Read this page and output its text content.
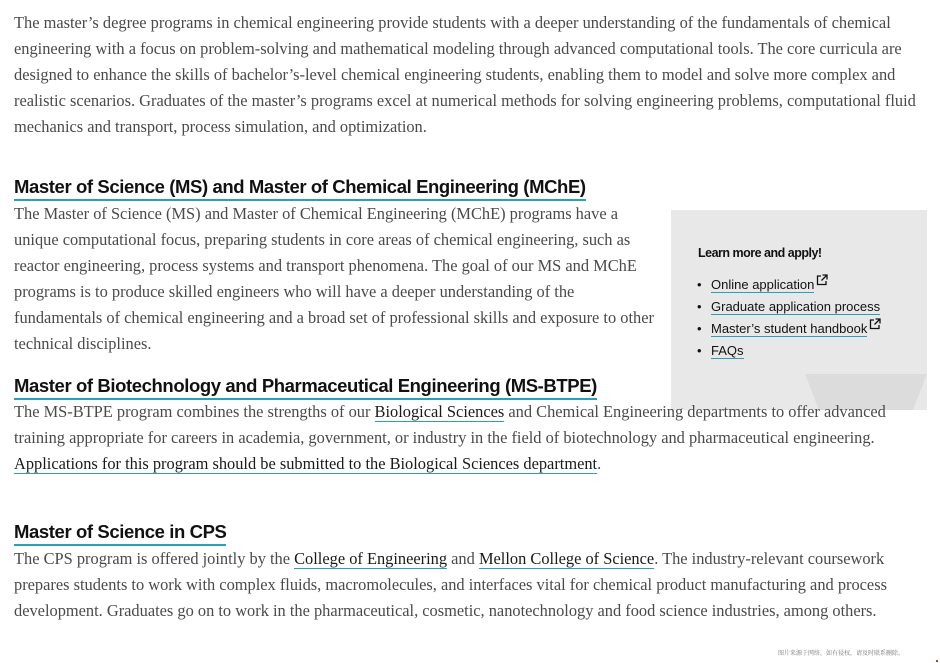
The master’s degree programs in chemical engineering provide students with a deeper understanding of the fundamentals of chemical engineering with a focus on problem-solving and mathematical modeling through advanced computational tools. The core curricula are designed to enhance the skills of bachelor’s-level chemical engineering students, enabling them to model and solve more complex and realistic scenarios. Graduates of the master’s programs excel at numerical methods for solving engineering problems, computational fluid mechanics and transport, process simulation, and optimization.

Master of Science (MS) and Master of Chemical Engineering (MChE)

The Master of Science (MS) and Master of Chemical Engineering (MChE) programs have a unique computational focus, preparing students in core areas of chemical engineering, such as reactor engineering, process systems and transport phenomena. The goal of our MS and MChE programs is to produce skilled engineers who will have a deeper understanding of the fundamentals of chemical engineering and a broad set of professional skills and exposure to other technical disciplines.

Learn more and apply!

• Online application
• Graduate application process
• Master’s student handbook
• FAQs
Master of Biotechnology and Pharmaceutical Engineering (MS-BTPE)

The MS-BTPE program combines the strengths of our Biological Sciences and Chemical Engineering departments to offer advanced training appropriate for careers in academia, government, or industry in the field of biotechnology and pharmaceutical engineering. Applications for this program should be submitted to the Biological Sciences department.

Master of Science in CPS

The CPS program is offered jointly by the College of Engineering and Mellon College of Science. The industry-relevant coursework prepares students to work with complex fluids, macromolecules, and interfaces vital for chemical product manufacturing and process development. Graduates go on to work in the pharmaceutical, cosmetic, nanotechnology and food science industries, among others.

图片来源于网络，如有侵权，请及时联系删除。
